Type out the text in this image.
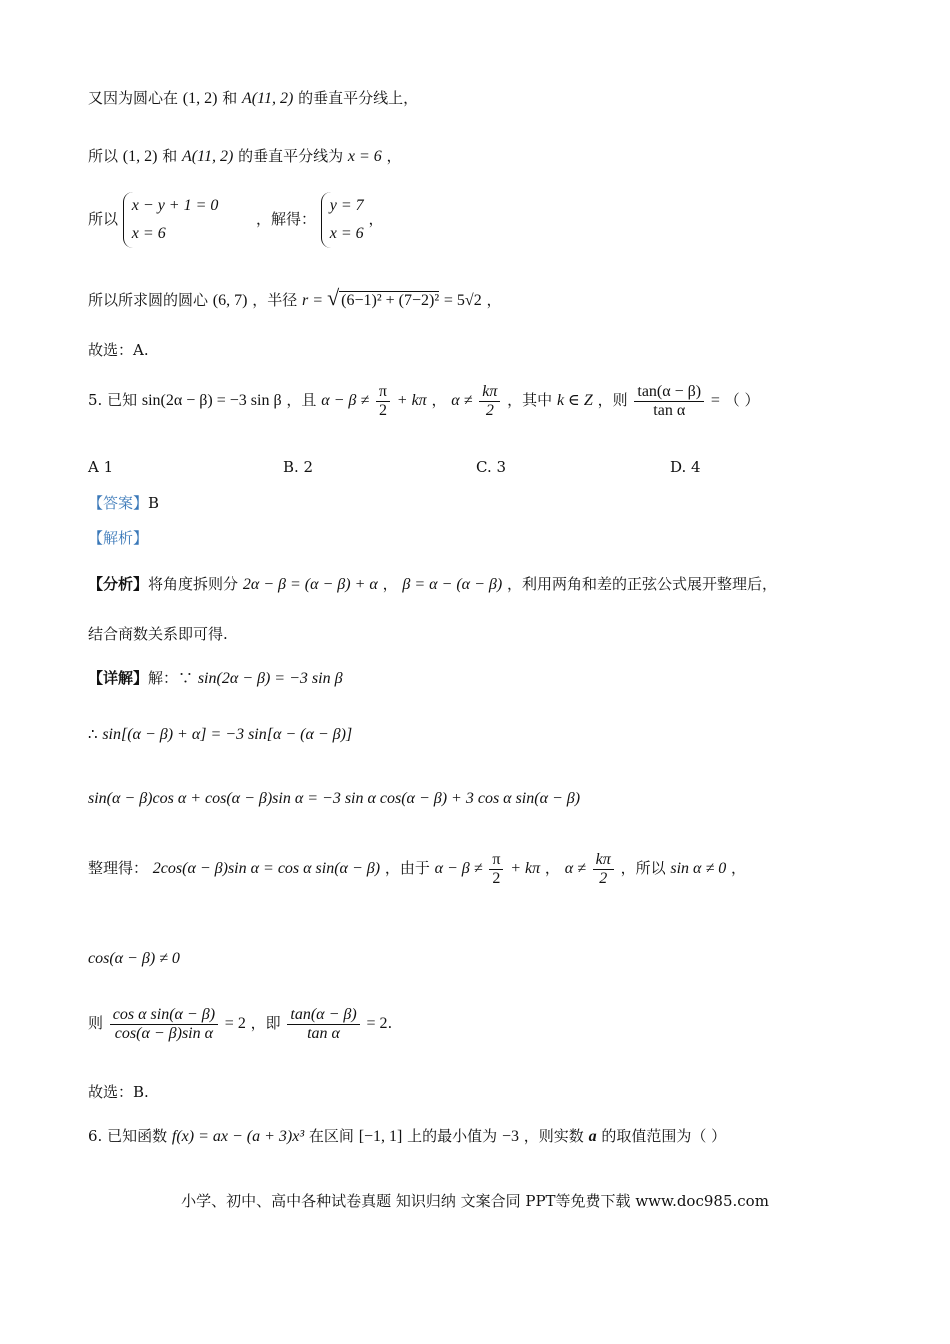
又因为圆心在 (1, 2) 和 A(11, 2) 的垂直平分线上，
所以 (1, 2) 和 A(11, 2) 的垂直平分线为 x = 6 ，
所以
x − y + 1 = 0
x = 6
，解得：
y = 7
x = 6
，
所以所求圆的圆心 (6, 7) ，半径 r = √ (6−1)² + (7−2)² = 5√2 ，
故选：A.
5. 已知 sin(2α − β) = −3 sin β ，且 $\alpha - \beta \ne \frac{\pi}{2} + k\pi$ ， $\alpha \ne \frac{k\pi}{2}$ ，其中 k ∈ Z ，则 $\frac{\tan(\alpha - \beta)}{\text{tan α}}$ = （ ）
A 1	B. 2	C. 3	D. 4
【答案】B
【解析】
【分析】将角度拆则分 2α − β = (α − β) + α ， β = α − (α − β) ，利用两角和差的正弦公式展开整理后，
结合商数关系即可得.
【详解】解：∵ sin(2α − β) = −3 sin β
∴ sin[(α − β) + α] = −3 sin[α − (α − β)]
sin(α − β)cos α + cos(α − β)sin α = −3 sin α cos(α − β) + 3 cos α sin(α − β)
整理得： 2cos(α − β)sin α = cos α sin(α − β) ，由于 $\alpha - \beta \ne \frac{\pi}{2} + k\pi$ ， $\alpha \ne \frac{k\pi}{2}$ ，所以 sin α ≠ 0 ，
cos(α − β) ≠ 0
则 $\frac{\text{cos α sin(α − β)}}{\text{cos(α − β)sin α}} = 2$ ，即 $\frac{\tan(\alpha - \beta)}{\text{tan α}} = 2$.
故选：B.
6. 已知函数 f(x) = ax − (a + 3)x³ 在区间 [−1, 1] 上的最小值为 −3 ，则实数 a 的取值范围为（ ）
小学、初中、高中各种试卷真题 知识归纳 文案合同 PPT等免费下载 www.doc985.com
